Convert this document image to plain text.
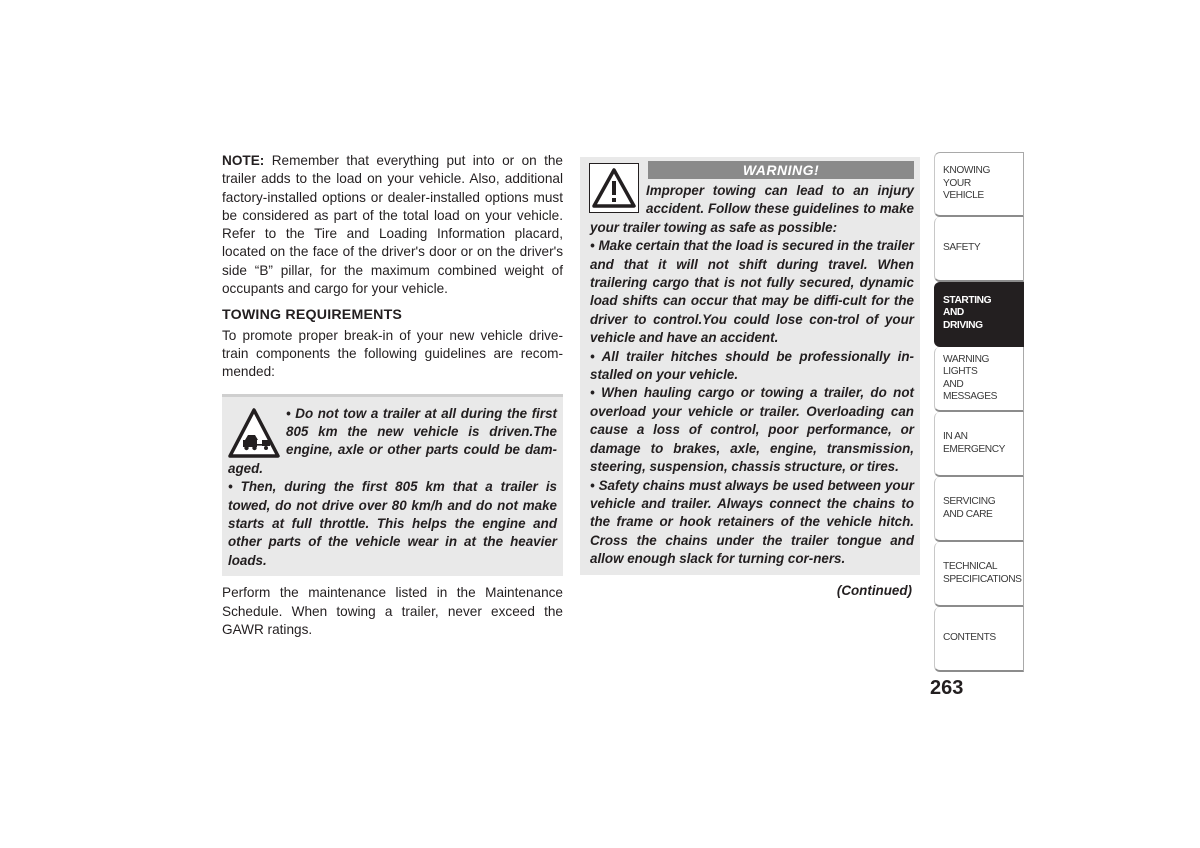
NOTE: Remember that everything put into or on the trailer adds to the load on your vehicle. Also, additional factory-installed options or dealer-installed options must be considered as part of the total load on your vehicle. Refer to the Tire and Loading Information placard, located on the face of the driver's door or on the driver's side “B” pillar, for the maximum combined weight of occupants and cargo for your vehicle.

TOWING REQUIREMENTS

To promote proper break-in of your new vehicle drive-train components the following guidelines are recom-mended:

• Do not tow a trailer at all during the first 805 km the new vehicle is driven.The engine, axle or other parts could be dam-aged.

• Then, during the first 805 km that a trailer is towed, do not drive over 80 km/h and do not make starts at full throttle. This helps the engine and other parts of the vehicle wear in at the heavier loads.

Perform the maintenance listed in the Maintenance Schedule. When towing a trailer, never exceed the GAWR ratings.

WARNING!

Improper towing can lead to an injury accident. Follow these guidelines to make your trailer towing as safe as possible:

• Make certain that the load is secured in the trailer and that it will not shift during travel. When trailering cargo that is not fully secured, dynamic load shifts can occur that may be diffi-cult for the driver to control.You could lose con-trol of your vehicle and have an accident.

• All trailer hitches should be professionally in-stalled on your vehicle.

• When hauling cargo or towing a trailer, do not overload your vehicle or trailer. Overloading can cause a loss of control, poor performance, or damage to brakes, axle, engine, transmission, steering, suspension, chassis structure, or tires.

• Safety chains must always be used between your vehicle and trailer. Always connect the chains to the frame or hook retainers of the vehicle hitch. Cross the chains under the trailer tongue and allow enough slack for turning cor-ners.

(Continued)
KNOWING
YOUR
VEHICLE
SAFETY
STARTING
AND
DRIVING
WARNING
LIGHTS
AND
MESSAGES
IN AN
EMERGENCY
SERVICING
AND CARE
TECHNICAL
SPECIFICATIONS
CONTENTS
263
